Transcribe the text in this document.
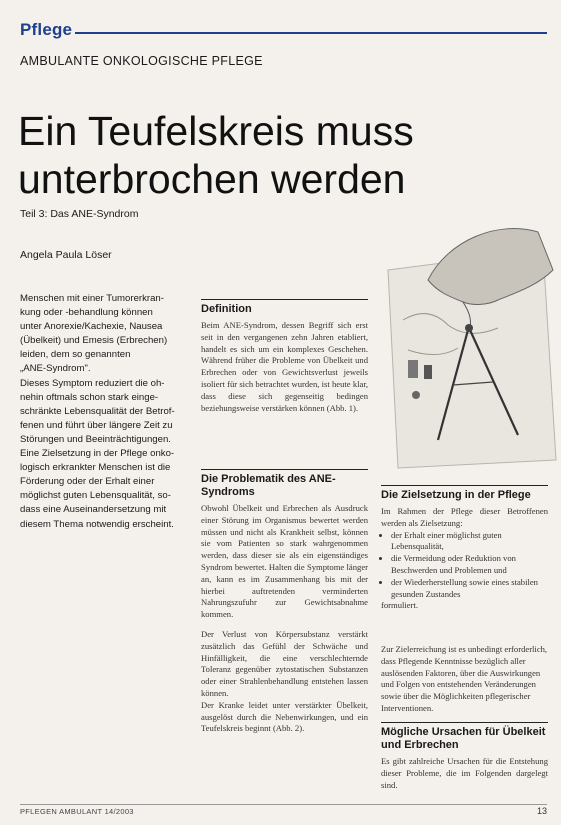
Pflege
AMBULANTE ONKOLOGISCHE PFLEGE
Ein Teufelskreis muss unterbrochen werden
Teil 3: Das ANE-Syndrom
Angela Paula Löser

Menschen mit einer Tumorerkran-

kung oder -behandlung können

unter Anorexie/Kachexie, Nausea

(Übelkeit) und Emesis (Erbrechen)

leiden, dem so genannten

„ANE-Syndrom".

Dieses Symptom reduziert die oh-

nehin oftmals schon stark einge-

schränkte Lebensqualität der Betrof-

fenen und führt über längere Zeit zu

Störungen und Beeinträchtigungen.

Eine Zielsetzung in der Pflege onko-

logisch erkrankter Menschen ist die

Förderung oder der Erhalt einer

möglichst guten Lebensqualität, so-

dass eine Auseinandersetzung mit

diesem Thema notwendig erscheint.

Definition

Beim ANE-Syndrom, dessen Begriff sich erst seit in den vergangenen zehn Jahren etabliert, handelt es sich um ein komplexes Geschehen. Während früher die Probleme von Übelkeit und Erbrechen oder von Gewichtsverlust jeweils isoliert für sich betrachtet wurden, ist heute klar, dass diese sich gegenseitig bedingen beziehungsweise verstärken können (Abb. 1).

Die Problematik des ANE-Syndroms

Obwohl Übelkeit und Erbrechen als Ausdruck einer Störung im Organismus bewertet werden müssen und nicht als Krankheit selbst, können sie vom Patienten so stark wahrgenommen werden, dass dieser sie als ein eigenständiges Syndrom bewertet. Halten die Symptome länger an, kann es im Zusammenhang bis mit der hierbei auftretenden verminderten Nahrungszufuhr zur Gewichtsabnahme kommen.

Der Verlust von Körpersubstanz verstärkt zusätzlich das Gefühl der Schwäche und Hinfälligkeit, die eine verschlechternde Toleranz gegenüber zytostatischen Substanzen oder einer Strahlenbehandlung entstehen lassen können.

Der Kranke leidet unter verstärkter Übelkeit, ausgelöst durch die Nebenwirkungen, und ein Teufelskreis beginnt (Abb. 2).

Die Zielsetzung in der Pflege

Im Rahmen der Pflege dieser Betroffenen werden als Zielsetzung:

• der Erhalt einer möglichst guten Lebensqualität,
• die Vermeidung oder Reduktion von Beschwerden und Problemen und
• der Wiederherstellung sowie eines stabilen gesunden Zustandes

formuliert.

Zur Zielerreichung ist es unbedingt erforderlich, dass Pflegende Kenntnisse bezüglich aller auslösenden Faktoren, über die Auswirkungen und Folgen von entstehenden Veränderungen sowie über die Möglichkeiten pflegerischer Interventionen.

Mögliche Ursachen für Übelkeit und Erbrechen

Es gibt zahlreiche Ursachen für die Entstehung dieser Probleme, die im Folgenden dargelegt sind.

PFLEGEN AMBULANT 14/2003	13
